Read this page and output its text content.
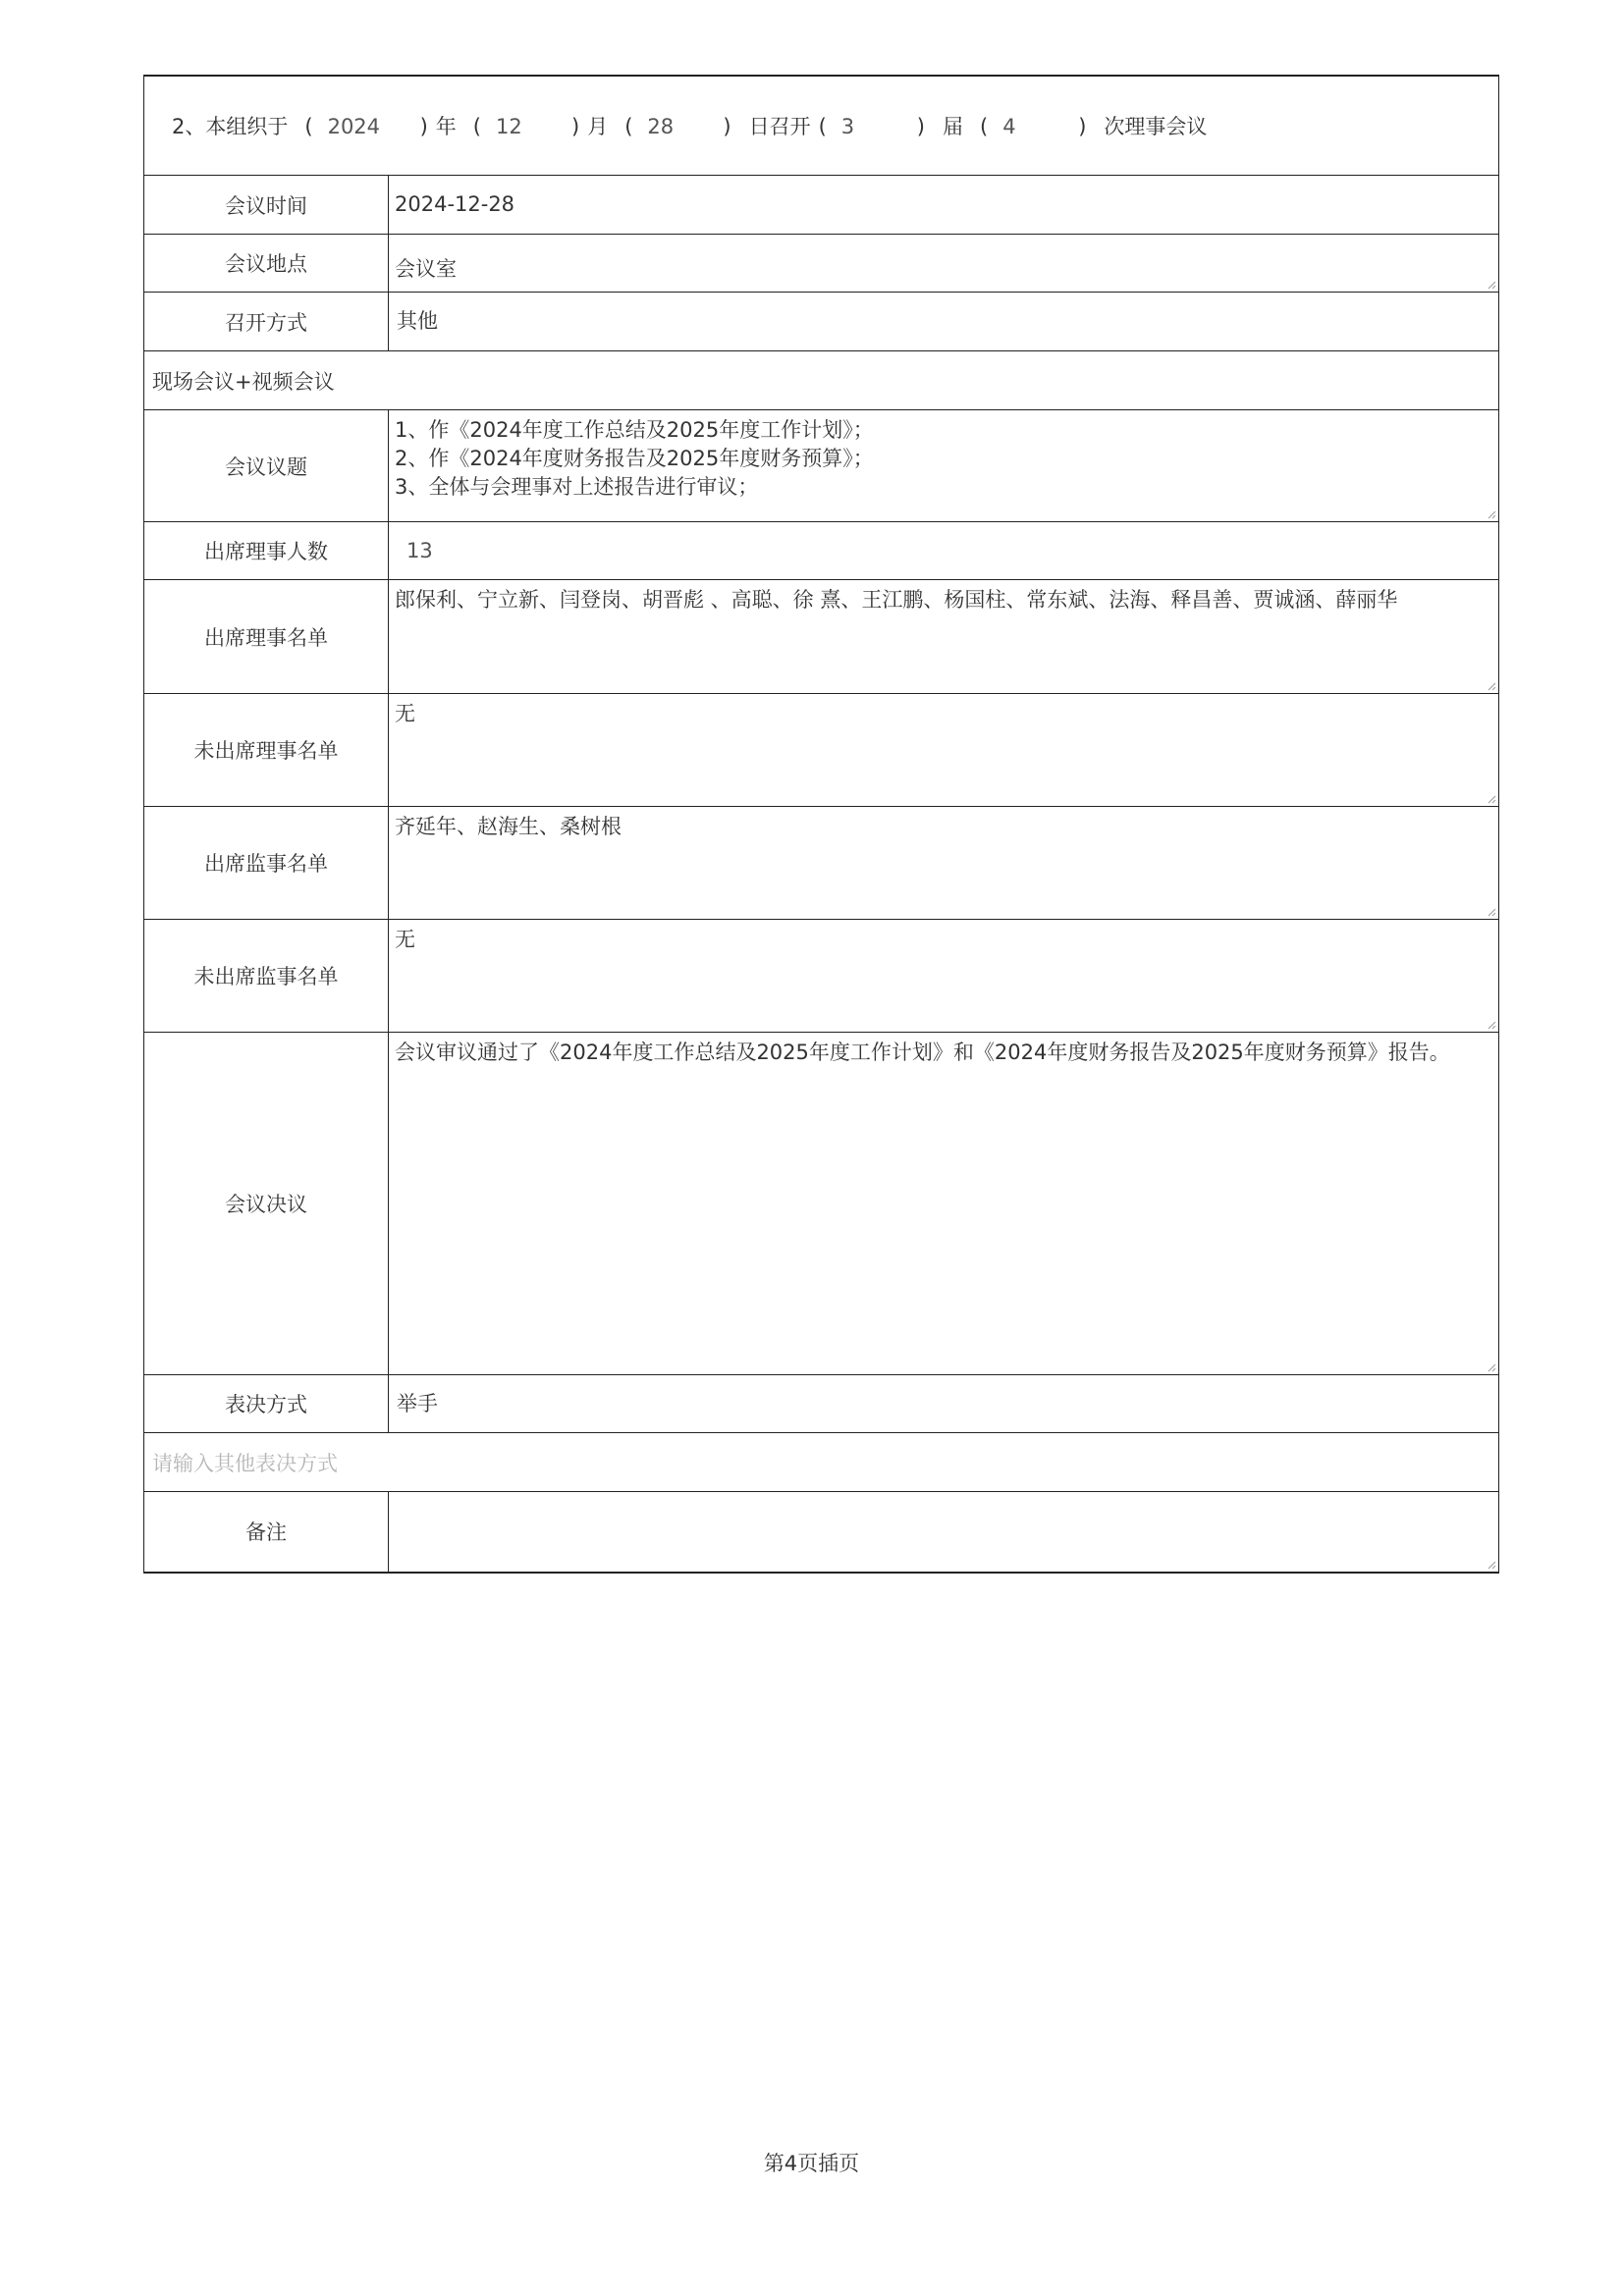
2、本组织于 ( 2024 ) 年 ( 12 ) 月 ( 28 ) 日召开 ( 3 ) 届 ( 4 ) 次理事会议	

会议时间	2024-12-28

会议地点	会议室

召开方式	其他

现场会议+视频会议	

会议议题	1、作《2024年度工作总结及2025年度工作计划》；
2、作《2024年度财务报告及2025年度财务预算》；
3、全体与会理事对上述报告进行审议；

出席理事人数	13

出席理事名单	郎保利、宁立新、闫登岗、胡晋彪 、高聪、徐 熹、王江鹏、杨国柱、常东斌、法海、释昌善、贾诚涵、薛丽华

未出席理事名单	无

出席监事名单	齐延年、赵海生、桑树根

未出席监事名单	无

会议决议	会议审议通过了《2024年度工作总结及2025年度工作计划》和《2024年度财务报告及2025年度财务预算》报告。

表决方式	举手

请输入其他表决方式	

备注	
第4页插页
